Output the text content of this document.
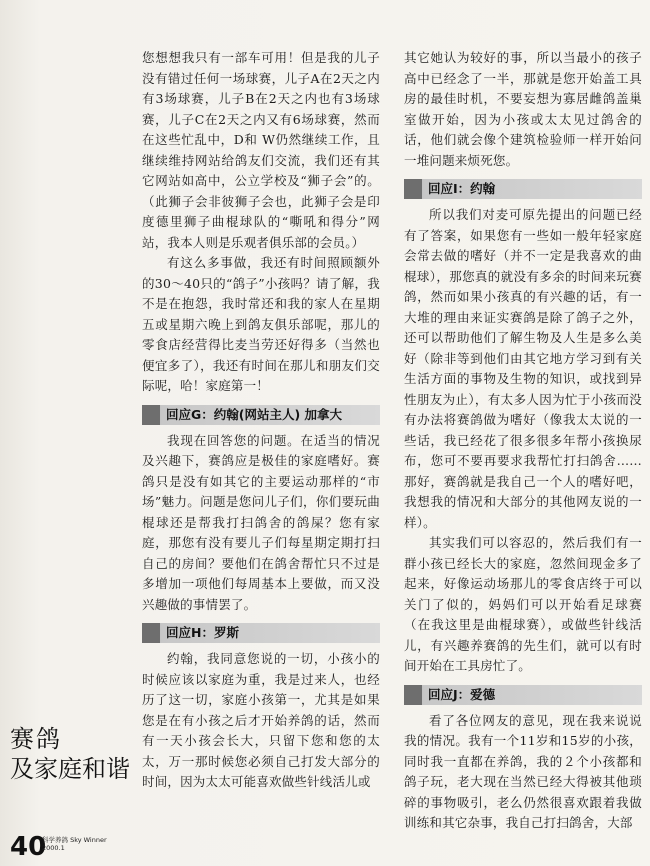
您想想我只有一部车可用！但是我的儿子没有错过任何一场球赛，儿子A在2天之内有3场球赛，儿子B在2天之内也有3场球赛，儿子C在2天之内又有6场球赛，然而在这些忙乱中，D和 W仍然继续工作，且继续维持网站给鸽友们交流，我们还有其它网站如高中，公立学校及“狮子会”的。（此狮子会非彼狮子会也，此狮子会是印度德里狮子曲棍球队的“嘶吼和得分”网站，我本人则是乐观者俱乐部的会员。）

有这么多事做，我还有时间照顾额外的30～40只的“鸽子”小孩吗？请了解，我不是在抱怨，我时常还和我的家人在星期五或星期六晚上到鸽友俱乐部呢，那儿的零食店经营得比麦当劳还好得多（当然也便宜多了），我还有时间在那儿和朋友们交际呢，哈！家庭第一！

回应G：约翰(网站主人) 加拿大

我现在回答您的问题。在适当的情况及兴趣下，赛鸽应是极佳的家庭嗜好。赛鸽只是没有如其它的主要运动那样的“市场”魅力。问题是您问儿子们，你们要玩曲棍球还是帮我打扫鸽舍的鸽屎？您有家庭，那您有没有要儿子们每星期定期打扫自己的房间？要他们在鸽舍帮忙只不过是多增加一项他们每周基本上要做，而又没兴趣做的事情罢了。

回应H：罗斯

约翰，我同意您说的一切，小孩小的时候应该以家庭为重，我是过来人，也经历了这一切，家庭小孩第一，尤其是如果您是在有小孩之后才开始养鸽的话，然而有一天小孩会长大，只留下您和您的太太，万一那时候您必须自己打发大部分的时间，因为太太可能喜欢做些针线活儿或

其它她认为较好的事，所以当最小的孩子高中已经念了一半，那就是您开始盖工具房的最佳时机，不要妄想为寡居雌鸽盖巢室做开始，因为小孩或太太见过鸽舍的话，他们就会像个建筑检验师一样开始问一堆问题来烦死您。

回应I：约翰

所以我们对麦可原先提出的问题已经有了答案，如果您有一些如一般年轻家庭会常去做的嗜好（并不一定是我喜欢的曲棍球），那您真的就没有多余的时间来玩赛鸽，然而如果小孩真的有兴趣的话，有一大堆的理由来证实赛鸽是除了鸽子之外，还可以帮助他们了解生物及人生是多么美好（除非等到他们由其它地方学习到有关生活方面的事物及生物的知识，或找到异性朋友为止），有太多人因为忙于小孩而没有办法将赛鸽做为嗜好（像我太太说的一些话，我已经花了很多很多年帮小孩换尿布，您可不要再要求我帮忙打扫鸽舍……那好，赛鸽就是我自己一个人的嗜好吧，我想我的情况和大部分的其他网友说的一样）。

其实我们可以容忍的，然后我们有一群小孩已经长大的家庭，忽然间现金多了起来，好像运动场那儿的零食店终于可以关门了似的，妈妈们可以开始看足球赛（在我这里是曲棍球赛），或做些针线活儿，有兴趣养赛鸽的先生们，就可以有时间开始在工具房忙了。

回应J：爱德

看了各位网友的意见，现在我来说说我的情况。我有一个11岁和15岁的小孩，同时我一直都在养鸽，我的２个小孩都和鸽子玩，老大现在当然已经大得被其他琐碎的事物吸引，老么仍然很喜欢跟着我做训练和其它杂事，我自己打扫鸽舍，大部

赛鸽
及家庭和谐
40
科学养鸽 Sky Winner
2000.1
